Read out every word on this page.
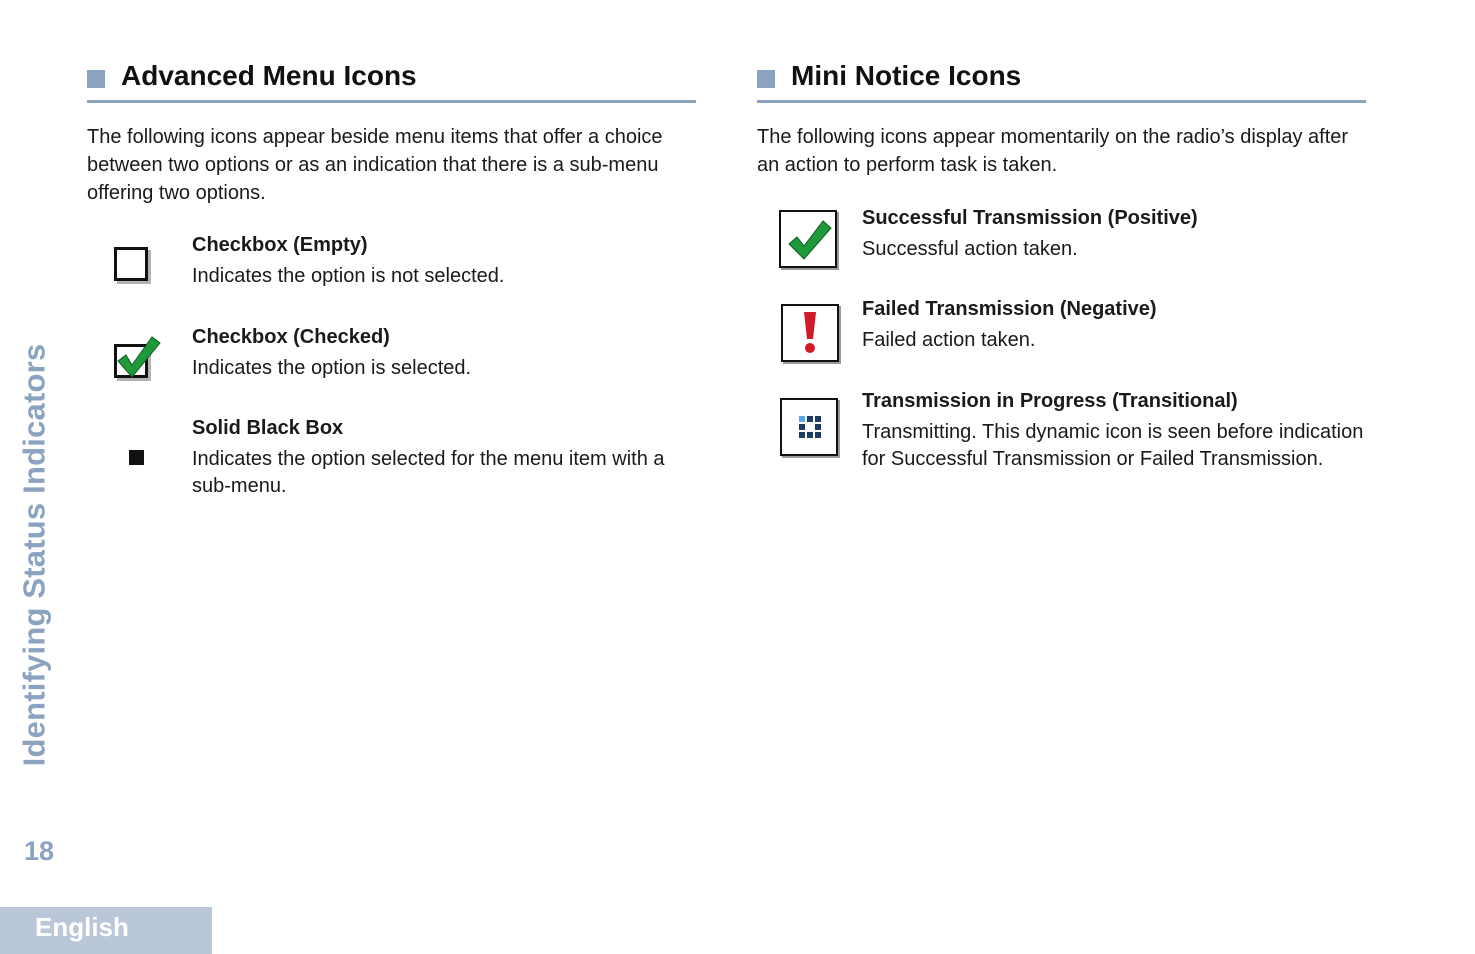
Identifying Status Indicators
18
English
Advanced Menu Icons
The following icons appear beside menu items that offer a choice between two options or as an indication that there is a sub-menu offering two options.
Checkbox (Empty)
Indicates the option is not selected.
Checkbox (Checked)
Indicates the option is selected.
Solid Black Box
Indicates the option selected for the menu item with a sub-menu.
Mini Notice Icons
The following icons appear momentarily on the radio’s display after an action to perform task is taken.
Successful Transmission (Positive)
Successful action taken.
Failed Transmission (Negative)
Failed action taken.
Transmission in Progress (Transitional)
Transmitting. This dynamic icon is seen before indication for Successful Transmission or Failed Transmission.
